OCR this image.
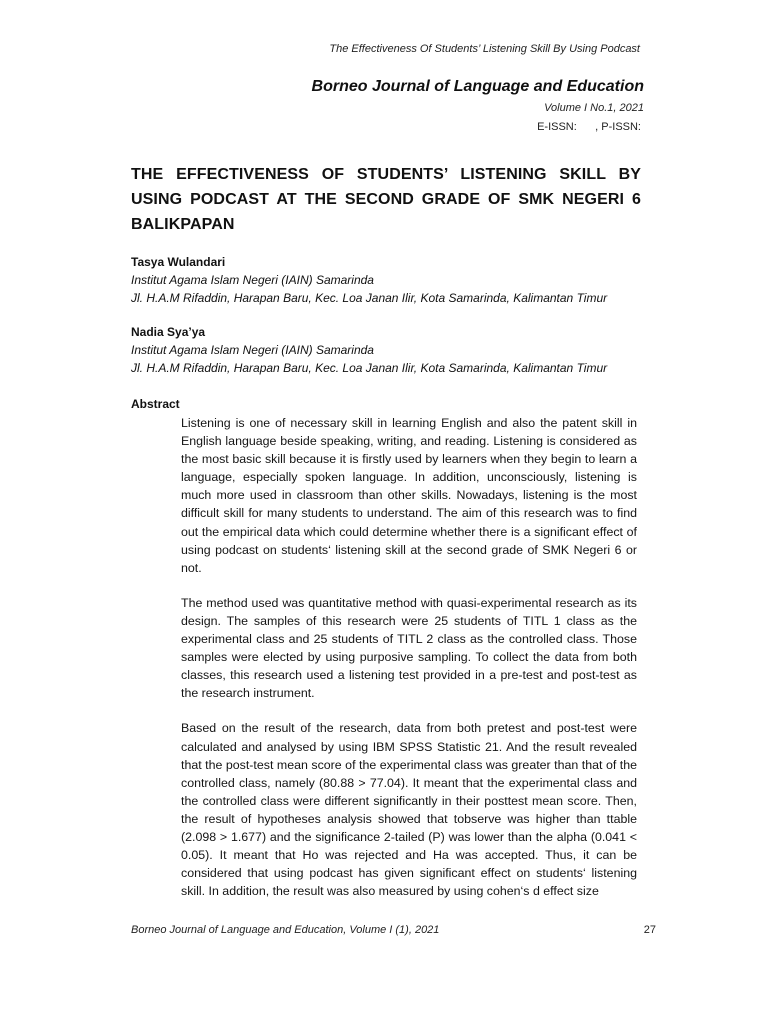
The Effectiveness Of Students’ Listening Skill By Using Podcast
Borneo Journal of Language and Education
Volume I No.1, 2021
E-ISSN:      , P-ISSN:
THE EFFECTIVENESS OF STUDENTS’ LISTENING SKILL BY USING PODCAST AT THE SECOND GRADE OF SMK NEGERI 6 BALIKPAPAN
Tasya Wulandari
Institut Agama Islam Negeri (IAIN) Samarinda
Jl. H.A.M Rifaddin, Harapan Baru, Kec. Loa Janan Ilir, Kota Samarinda, Kalimantan Timur
Nadia Sya’ya
Institut Agama Islam Negeri (IAIN) Samarinda
Jl. H.A.M Rifaddin, Harapan Baru, Kec. Loa Janan Ilir, Kota Samarinda, Kalimantan Timur
Abstract

Listening is one of necessary skill in learning English and also the patent skill in English language beside speaking, writing, and reading. Listening is considered as the most basic skill because it is firstly used by learners when they begin to learn a language, especially spoken language. In addition, unconsciously, listening is much more used in classroom than other skills. Nowadays, listening is the most difficult skill for many students to understand. The aim of this research was to find out the empirical data which could determine whether there is a significant effect of using podcast on students‘ listening skill at the second grade of SMK Negeri 6 or not.

The method used was quantitative method with quasi-experimental research as its design. The samples of this research were 25 students of TITL 1 class as the experimental class and 25 students of TITL 2 class as the controlled class. Those samples were elected by using purposive sampling. To collect the data from both classes, this research used a listening test provided in a pre-test and post-test as the research instrument.

Based on the result of the research, data from both pretest and post-test were calculated and analysed by using IBM SPSS Statistic 21. And the result revealed that the post-test mean score of the experimental class was greater than that of the controlled class, namely (80.88 > 77.04). It meant that the experimental class and the controlled class were different significantly in their posttest mean score. Then, the result of hypotheses analysis showed that tobserve was higher than ttable (2.098 > 1.677) and the significance 2-tailed (P) was lower than the alpha (0.041 < 0.05). It meant that Ho was rejected and Ha was accepted. Thus, it can be considered that using podcast has given significant effect on students‘ listening skill. In addition, the result was also measured by using cohen‘s d effect size

Borneo Journal of Language and Education, Volume I (1), 2021	27
